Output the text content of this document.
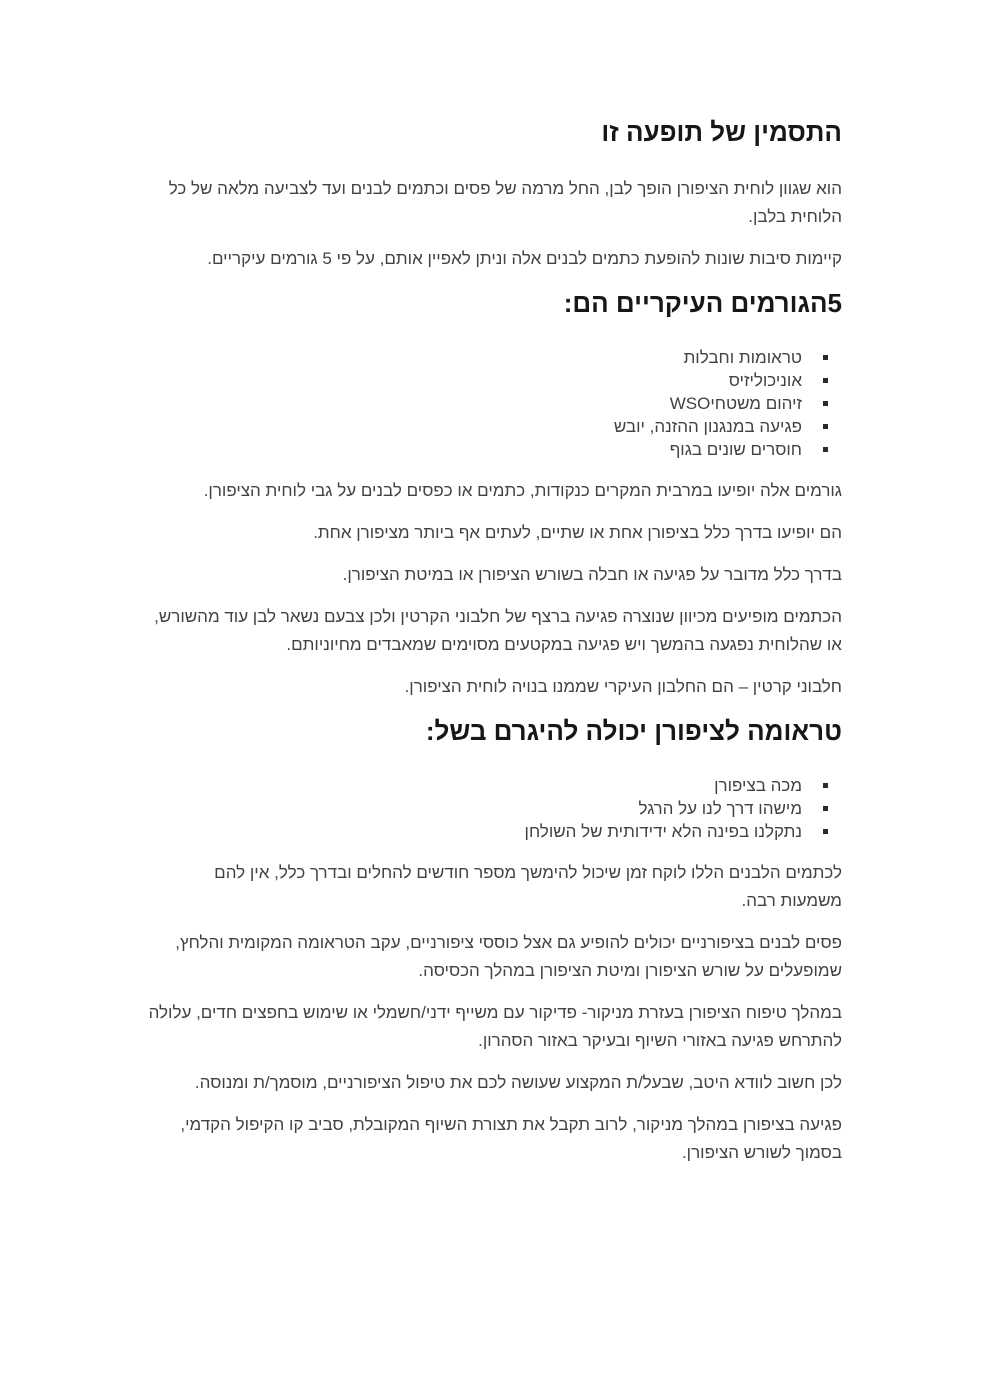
התסמין של תופעה זו

הוא שגוון לוחית הציפורן הופך לבן, החל מרמה של פסים וכתמים לבנים ועד לצביעה מלאה של כל הלוחית בלבן.

קיימות סיבות שונות להופעת כתמים לבנים אלה וניתן לאפיין אותם, על פי 5 גורמים עיקריים.

5הגורמים העיקריים הם:
טראומות וחבלות
אוניכוליזיס
זיהום משטחיWSO
פגיעה במנגנון ההזנה, יובש
חוסרים שונים בגוף

גורמים אלה יופיעו במרבית המקרים כנקודות, כתמים או כפסים לבנים על גבי לוחית הציפורן.

הם יופיעו בדרך כלל בציפורן אחת או שתיים, לעתים אף ביותר מציפורן אחת.

בדרך כלל מדובר על פגיעה או חבלה בשורש הציפורן או במיטת הציפורן.

הכתמים מופיעים מכיוון שנוצרה פגיעה ברצף של חלבוני הקרטין ולכן צבעם נשאר לבן עוד מהשורש, או שהלוחית נפגעה בהמשך ויש פגיעה במקטעים מסוימים שמאבדים מחיוניותם.

חלבוני קרטין – הם החלבון העיקרי שממנו בנויה לוחית הציפורן.

טראומה לציפורן יכולה להיגרם בשל:
מכה בציפורן
מישהו דרך לנו על הרגל
נתקלנו בפינה הלא ידידותית של השולחן

לכתמים הלבנים הללו לוקח זמן שיכול להימשך מספר חודשים להחלים ובדרך כלל, אין להם משמעות רבה.

פסים לבנים בציפורניים יכולים להופיע גם אצל כוססי ציפורניים, עקב הטראומה המקומית והלחץ, שמופעלים על שורש הציפורן ומיטת הציפורן במהלך הכסיסה.

במהלך טיפוח הציפורן בעזרת מניקור- פדיקור עם משייף ידני/חשמלי או שימוש בחפצים חדים, עלולה להתרחש פגיעה באזורי השיוף ובעיקר באזור הסהרון.

לכן חשוב לוודא היטב, שבעל/ת המקצוע שעושה לכם את טיפול הציפורניים, מוסמך/ת ומנוסה.

פגיעה בציפורן במהלך מניקור, לרוב תקבל את תצורת השיוף המקובלת, סביב קו הקיפול הקדמי, בסמוך לשורש הציפורן.
